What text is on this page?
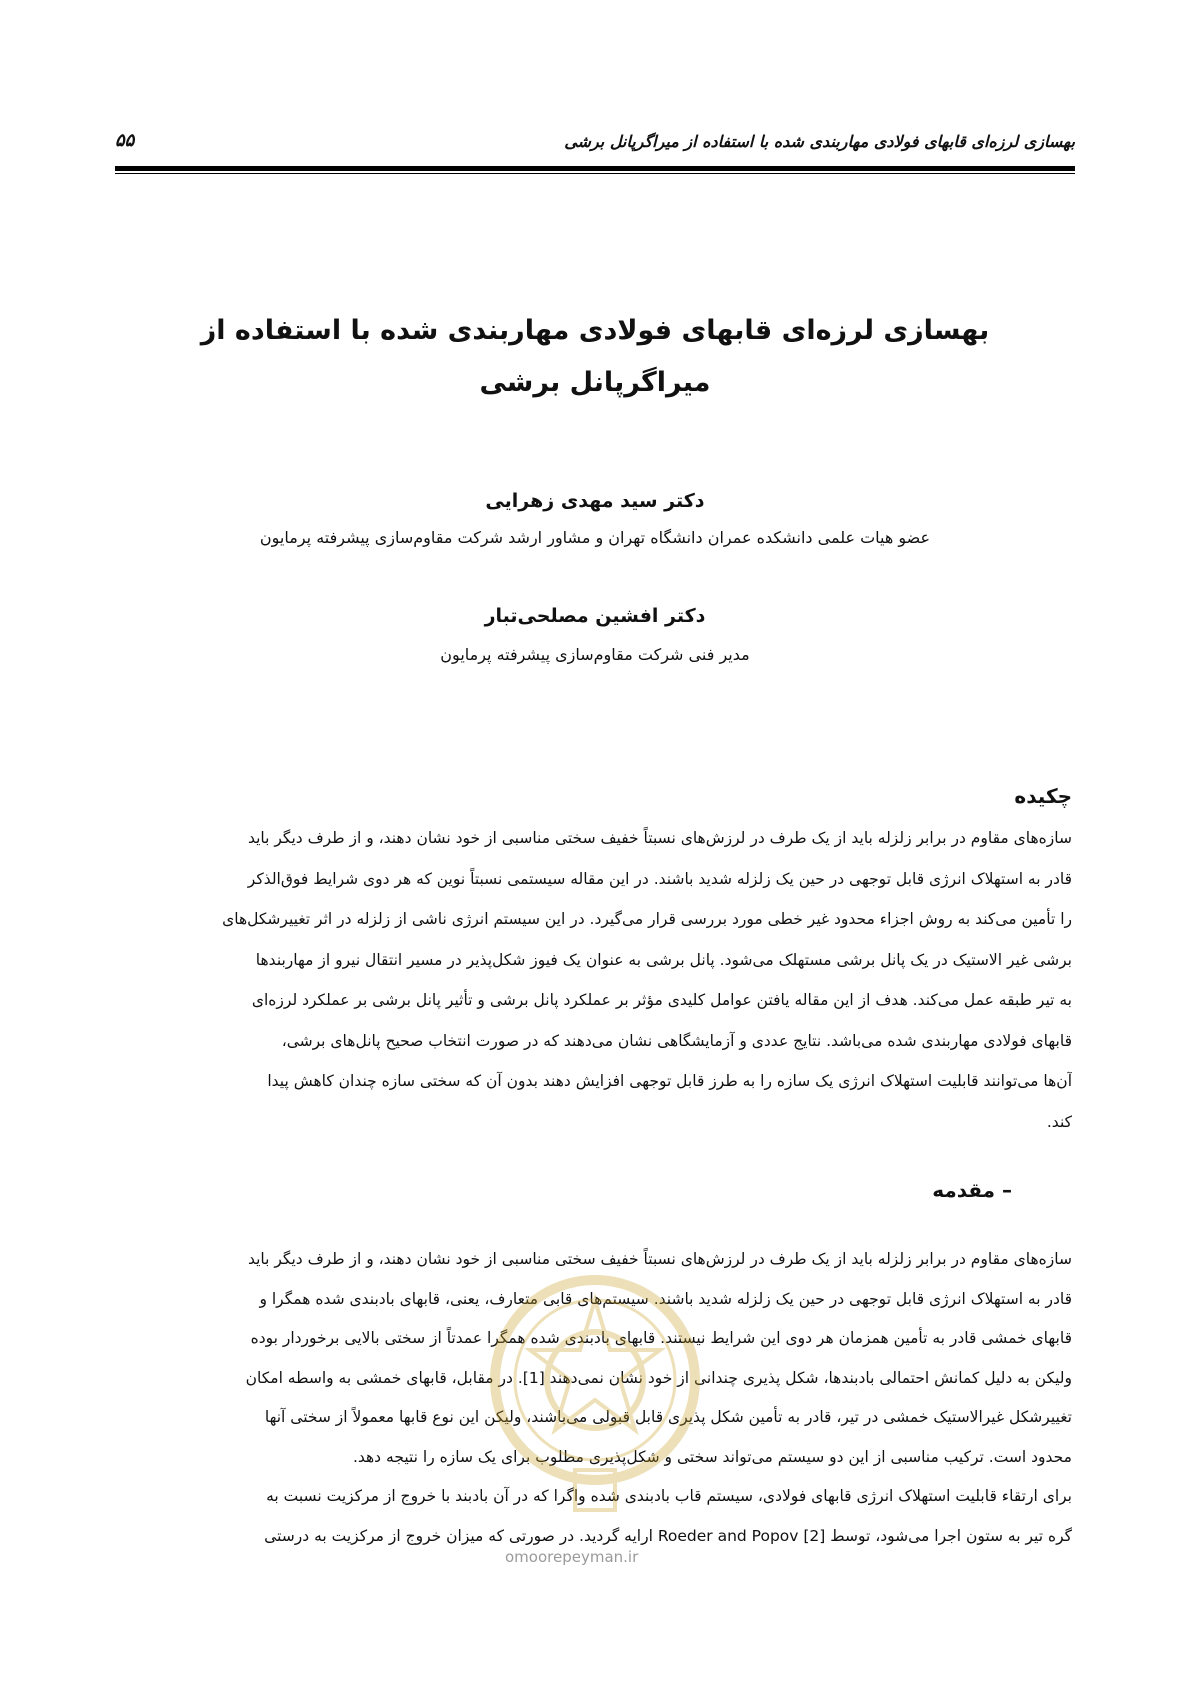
بهسازی لرزه‌ای قابهای فولادی مهاربندی شده با استفاده از میراگرپانل برشی
۵۵
بهسازی لرزه‌ای قابهای فولادی مهاربندی شده با استفاده از
میراگرپانل برشی
دکتر سید مهدی زهرایی
عضو هیات علمی دانشکده عمران دانشگاه تهران و مشاور ارشد شرکت مقاوم‌سازی پیشرفته پرمایون
دکتر افشین مصلحی‌تبار
مدیر فنی شرکت مقاوم‌سازی پیشرفته پرمایون
چکیده
سازه‌های مقاوم در برابر زلزله باید از یک طرف در لرزش‌های نسبتاً خفیف سختی مناسبی از خود نشان دهند، و از طرف دیگر باید
قادر به استهلاک انرژی قابل توجهی در حین یک زلزله شدید باشند. در این مقاله سیستمی نسبتاً نوین که هر دوی شرایط فوق‌الذکر
را تأمین می‌کند به روش اجزاء محدود غیر خطی مورد بررسی قرار می‌گیرد. در این سیستم انرژی ناشی از زلزله در اثر تغییرشکل‌های
برشی غیر الاستیک در یک پانل برشی مستهلک می‌شود. پانل برشی به عنوان یک فیوز شکل‌پذیر در مسیر انتقال نیرو از مهاربندها
به تیر طبقه عمل می‌کند. هدف از این مقاله یافتن عوامل کلیدی مؤثر بر عملکرد پانل برشی و تأثیر پانل برشی بر عملکرد لرزه‌ای
قابهای فولادی مهاربندی شده می‌باشد. نتایج عددی و آزمایشگاهی نشان می‌دهند که در صورت انتخاب صحیح پانل‌های برشی،
آن‌ها می‌توانند قابلیت استهلاک انرژی یک سازه را به طرز قابل توجهی افزایش دهند بدون آن که سختی سازه چندان کاهش پیدا
کند.
– مقدمه
سازه‌های مقاوم در برابر زلزله باید از یک طرف در لرزش‌های نسبتاً خفیف سختی مناسبی از خود نشان دهند، و از طرف دیگر باید
قادر به استهلاک انرژی قابل توجهی در حین یک زلزله شدید باشند. سیستم‌های قابی متعارف، یعنی، قابهای بادبندی شده همگرا و
قابهای خمشی قادر به تأمین همزمان هر دوی این شرایط نیستند. قابهای بادبندی شده همگرا عمدتاً از سختی بالایی برخوردار بوده
ولیکن به دلیل کمانش احتمالی بادبندها، شکل پذیری چندانی از خود نشان نمی‌دهند [1]. در مقابل، قابهای خمشی به واسطه امکان
تغییرشکل غیرالاستیک خمشی در تیر، قادر به تأمین شکل پذیری قابل قبولی می‌باشند، ولیکن این نوع قابها معمولاً از سختی آنها
محدود است. ترکیب مناسبی از این دو سیستم می‌تواند سختی و شکل‌پذیری مطلوب برای یک سازه را نتیجه دهد.
برای ارتقاء قابلیت استهلاک انرژی قابهای فولادی، سیستم قاب بادبندی شده واگرا که در آن بادبند با خروج از مرکزیت نسبت به
گره تیر به ستون اجرا می‌شود، توسط Roeder and Popov [2] ارایه گردید. در صورتی که میزان خروج از مرکزیت به درستی
omoorepeyman.ir
